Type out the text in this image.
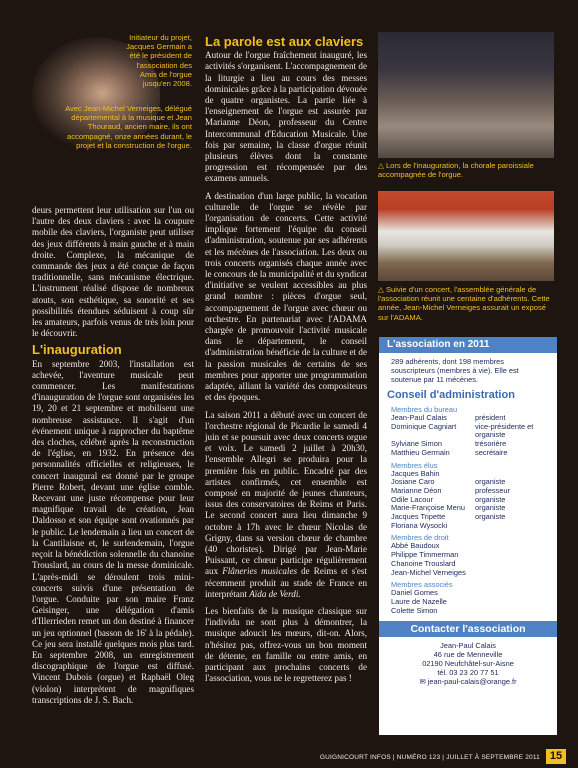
Initiateur du projet, Jacques Germain a été le président de l'association des Amis de l'orgue jusqu'en 2008.
Avec Jean-Michel Verneiges, délégué départemental à la musique et Jean Thouraud, ancien maire, ils ont accompagné, onze années durant, le projet et la construction de l'orgue.

deurs permettent leur utilisation sur l'un ou l'autre des deux claviers : avec la coupure mobile des claviers, l'organiste peut utiliser des jeux différents à main gauche et à main droite. Complexe, la mécanique de commande des jeux a été conçue de façon traditionnelle, sans mécanisme électrique. L'instrument réalisé dispose de nombreux atouts, son esthétique, sa sonorité et ses possibilités étendues séduisent à coup sûr les amateurs, parfois venus de très loin pour le découvrir.

L'inauguration

En septembre 2003, l'installation est achevée, l'aventure musicale peut commencer. Les manifestations d'inauguration de l'orgue sont organisées les 19, 20 et 21 septembre et mobilisent une nombreuse assistance. Il s'agit d'un événement unique à rapprocher du baptême des cloches, célébré après la reconstruction de l'église, en 1932. En présence des personnalités officielles et religieuses, le concert inaugural est donné par le groupe Pierre Robert, devant une église comble. Recevant une juste récompense pour leur magnifique travail de création, Jean Daldosso et son équipe sont ovationnés par le public. Le lendemain a lieu un concert de la Cantilaisne et, le surlendemain, l'orgue reçoit la bénédiction solennelle du chanoine Trouslard, au cours de la messe dominicale. L'après-midi se déroulent trois mini-concerts suivis d'une présentation de l'orgue. Conduite par son maire Franz Geisinger, une délégation d'amis d'Illerrieden remet un don destiné à financer un jeu optionnel (basson de 16' à la pédale). Ce jeu sera installé quelques mois plus tard. En septembre 2008, un enregistrement discographique de l'orgue est diffusé. Vincent Dubois (orgue) et Raphaël Oleg (violon) interprètent de magnifiques transcriptions de J. S. Bach.

La parole est aux claviers

Autour de l'orgue fraîchement inauguré, les activités s'organisent. L'accompagnement de la liturgie a lieu au cours des messes dominicales grâce à la participation dévouée de quatre organistes. La partie liée à l'enseignement de l'orgue est assurée par Marianne Déon, professeur du Centre Intercommunal d'Education Musicale. Une fois par semaine, la classe d'orgue réunit plusieurs élèves dont la constante progression est récompensée par des examens annuels.

A destination d'un large public, la vocation culturelle de l'orgue se révèle par l'organisation de concerts. Cette activité implique fortement l'équipe du conseil d'administration, soutenue par ses adhérents et les mécènes de l'association. Les deux ou trois concerts organisés chaque année avec le concours de la municipalité et du syndicat d'initiative se veulent accessibles au plus grand nombre : pièces d'orgue seul, accompagnement de l'orgue avec chœur ou orchestre. En partenariat avec l'ADAMA chargée de promouvoir l'activité musicale dans le département, le conseil d'administration bénéficie de la culture et de la passion musicales de certains de ses membres pour apporter une programmation adaptée, alliant la variété des compositeurs et des époques.

La saison 2011 a débuté avec un concert de l'orchestre régional de Picardie le samedi 4 juin et se poursuit avec deux concerts orgue et voix. Le samedi 2 juillet à 20h30, l'ensemble Allegri se produira pour la première fois en public. Encadré par des artistes confirmés, cet ensemble est composé en majorité de jeunes chanteurs, issus des conservatoires de Reims et Paris. Le second concert aura lieu dimanche 9 octobre à 17h avec le chœur Nicolas de Grigny, dans sa version chœur de chambre (40 choristes). Dirigé par Jean-Marie Puissant, ce chœur participe régulièrement aux Flâneries musicales de Reims et s'est récemment produit au stade de France en interprétant Aïda de Verdi.

Les bienfaits de la musique classique sur l'individu ne sont plus à démontrer, la musique adoucit les mœurs, dit-on. Alors, n'hésitez pas, offrez-vous un bon moment de détente, en famille ou entre amis, en participant aux prochains concerts de l'association, vous ne le regretterez pas !

△ Lors de l'inauguration, la chorale paroissiale accompagnée de l'orgue.
△ Suivie d'un concert, l'assemblée générale de l'association réunit une centaine d'adhérents. Cette année, Jean-Michel Verneiges assurait un exposé sur l'ADAMA.
L'association en 2011
289 adhérents, dont 198 membres souscripteurs (membres à vie). Elle est soutenue par 11 mécènes.
Conseil d'administration
Membres du bureau
Jean-Paul Calais	président
Dominique Cagniart	vice-présidente et organiste
Sylviane Simon	trésorière
Matthieu Germain	secrétaire
Membres élus
Jacques Bahin
Josiane Caro	organiste
Marianne Déon	professeur
Odile Lacour	organiste
Marie-Françoise Menu	organiste
Jacques Tripette	organiste
Floriana Wysocki
Membres de droit
Abbé Baudoux
Philippe Timmerman
Chanoine Trouslard
Jean-Michel Verneiges
Membres associés
Daniel Gomes
Laure de Nazelle
Colette Simon
Contacter l'association
Jean-Paul Calais
46 rue de Menneville
02190 Neufchâtel-sur-Aisne
tél. 03 23 20 77 51
✉ jean-paul-calais@orange.fr
GUIGNICOURT INFOS | NUMÉRO 123 | JUILLET À SEPTEMBRE 2011 15
